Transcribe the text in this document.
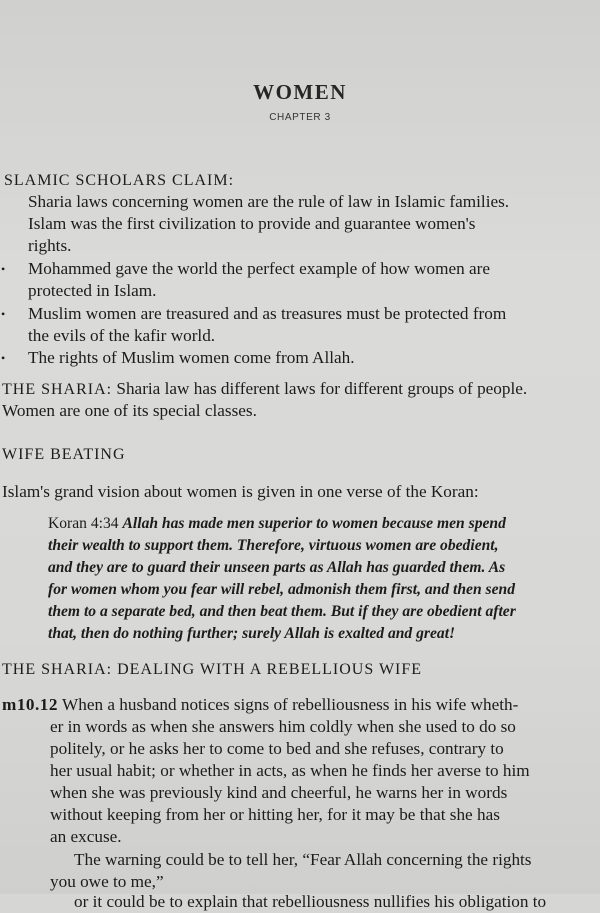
WOMEN
CHAPTER 3
SLAMIC SCHOLARS CLAIM:
Sharia laws concerning women are the rule of law in Islamic families.
Islam was the first civilization to provide and guarantee women's
rights.
• Mohammed gave the world the perfect example of how women are
protected in Islam.
• Muslim women are treasured and as treasures must be protected from
the evils of the kafir world.
• The rights of Muslim women come from Allah.
THE SHARIA: Sharia law has different laws for different groups of people.
Women are one of its special classes.
WIFE BEATING
Islam's grand vision about women is given in one verse of the Koran:
Koran 4:34 Allah has made men superior to women because men spend
their wealth to support them. Therefore, virtuous women are obedient,
and they are to guard their unseen parts as Allah has guarded them. As
for women whom you fear will rebel, admonish them first, and then send
them to a separate bed, and then beat them. But if they are obedient after
that, then do nothing further; surely Allah is exalted and great!
THE SHARIA: DEALING WITH A REBELLIOUS WIFE
m10.12 When a husband notices signs of rebelliousness in his wife wheth-
er in words as when she answers him coldly when she used to do so
politely, or he asks her to come to bed and she refuses, contrary to
her usual habit; or whether in acts, as when he finds her averse to him
when she was previously kind and cheerful, he warns her in words
without keeping from her or hitting her, for it may be that she has
an excuse.
The warning could be to tell her, “Fear Allah concerning the rights
you owe to me,”
or it could be to explain that rebelliousness nullifies his obligation to
